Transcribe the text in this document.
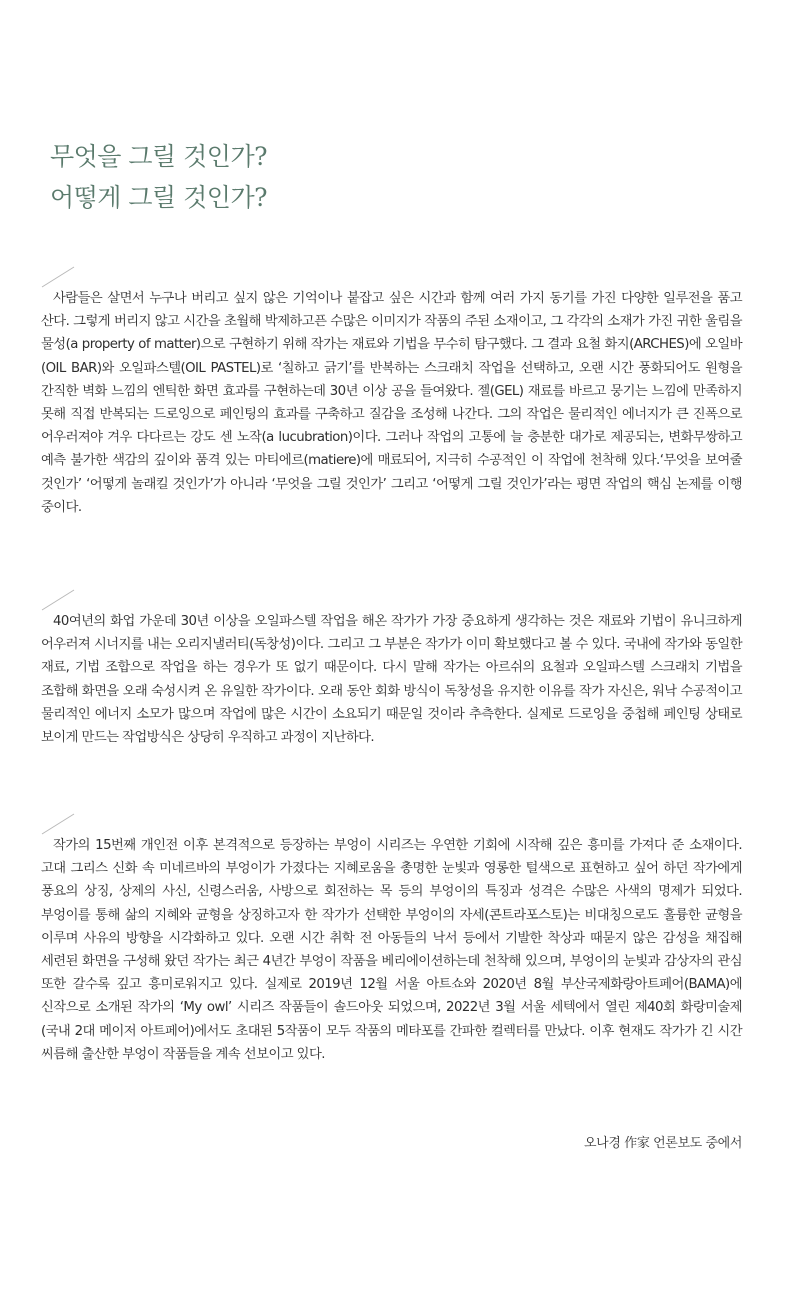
무엇을 그릴 것인가?
어떻게 그릴 것인가?

사람들은 살면서 누구나 버리고 싶지 않은 기억이나 붙잡고 싶은 시간과 함께 여러 가지 동기를 가진 다양한 일루전을 품고 산다. 그렇게 버리지 않고 시간을 초월해 박제하고픈 수많은 이미지가 작품의 주된 소재이고, 그 각각의 소재가 가진 귀한 울림을 물성(a property of matter)으로 구현하기 위해 작가는 재료와 기법을 무수히 탐구했다. 그 결과 요철 화지(ARCHES)에 오일바(OIL BAR)와 오일파스텔(OIL PASTEL)로 ‘칠하고 긁기’를 반복하는 스크래치 작업을 선택하고, 오랜 시간 풍화되어도 원형을 간직한 벽화 느낌의 엔틱한 화면 효과를 구현하는데 30년 이상 공을 들여왔다. 젤(GEL) 재료를 바르고 뭉기는 느낌에 만족하지 못해 직접 반복되는 드로잉으로 페인팅의 효과를 구축하고 질감을 조성해 나간다. 그의 작업은 물리적인 에너지가 큰 진폭으로 어우러져야 겨우 다다르는 강도 센 노작(a lucubration)이다. 그러나 작업의 고통에 늘 충분한 대가로 제공되는, 변화무쌍하고 예측 불가한 색감의 깊이와 품격 있는 마티에르(matiere)에 매료되어, 지극히 수공적인 이 작업에 천착해 있다.‘무엇을 보여줄 것인가’ ‘어떻게 놀래킬 것인가’가 아니라 ‘무엇을 그릴 것인가’ 그리고 ‘어떻게 그릴 것인가’라는 평면 작업의 핵심 논제를 이행 중이다.

40여년의 화업 가운데 30년 이상을 오일파스텔 작업을 해온 작가가 가장 중요하게 생각하는 것은 재료와 기법이 유니크하게 어우러져 시너지를 내는 오리지낼러티(독창성)이다. 그리고 그 부분은 작가가 이미 확보했다고 볼 수 있다. 국내에 작가와 동일한 재료, 기법 조합으로 작업을 하는 경우가 또 없기 때문이다. 다시 말해 작가는 아르쉬의 요철과 오일파스텔 스크래치 기법을 조합해 화면을 오래 숙성시켜 온 유일한 작가이다. 오래 동안 회화 방식이 독창성을 유지한 이유를 작가 자신은, 워낙 수공적이고 물리적인 에너지 소모가 많으며 작업에 많은 시간이 소요되기 때문일 것이라 추측한다. 실제로 드로잉을 중첩해 페인팅 상태로 보이게 만드는 작업방식은 상당히 우직하고 과정이 지난하다.

작가의 15번째 개인전 이후 본격적으로 등장하는 부엉이 시리즈는 우연한 기회에 시작해 깊은 흥미를 가져다 준 소재이다. 고대 그리스 신화 속 미네르바의 부엉이가 가졌다는 지혜로움을 총명한 눈빛과 영롱한 털색으로 표현하고 싶어 하던 작가에게 풍요의 상징, 상제의 사신, 신령스러움, 사방으로 회전하는 목 등의 부엉이의 특징과 성격은 수많은 사색의 명제가 되었다. 부엉이를 통해 삶의 지혜와 균형을 상징하고자 한 작가가 선택한 부엉이의 자세(콘트라포스토)는 비대칭으로도 훌륭한 균형을 이루며 사유의 방향을 시각화하고 있다. 오랜 시간 취학 전 아동들의 낙서 등에서 기발한 착상과 때묻지 않은 감성을 채집해 세련된 화면을 구성해 왔던 작가는 최근 4년간 부엉이 작품을 베리에이션하는데 천착해 있으며, 부엉이의 눈빛과 감상자의 관심 또한 갈수록 깊고 흥미로워지고 있다. 실제로 2019년 12월 서울 아트쇼와 2020년 8월 부산국제화랑아트페어(BAMA)에 신작으로 소개된 작가의 ‘My owl’ 시리즈 작품들이 솔드아웃 되었으며, 2022년 3월 서울 세텍에서 열린 제40회 화랑미술제(국내 2대 메이저 아트페어)에서도 초대된 5작품이 모두 작품의 메타포를 간파한 컬렉터를 만났다. 이후 현재도 작가가 긴 시간 씨름해 출산한 부엉이 작품들을 계속 선보이고 있다.

오나경 作家 언론보도 중에서
